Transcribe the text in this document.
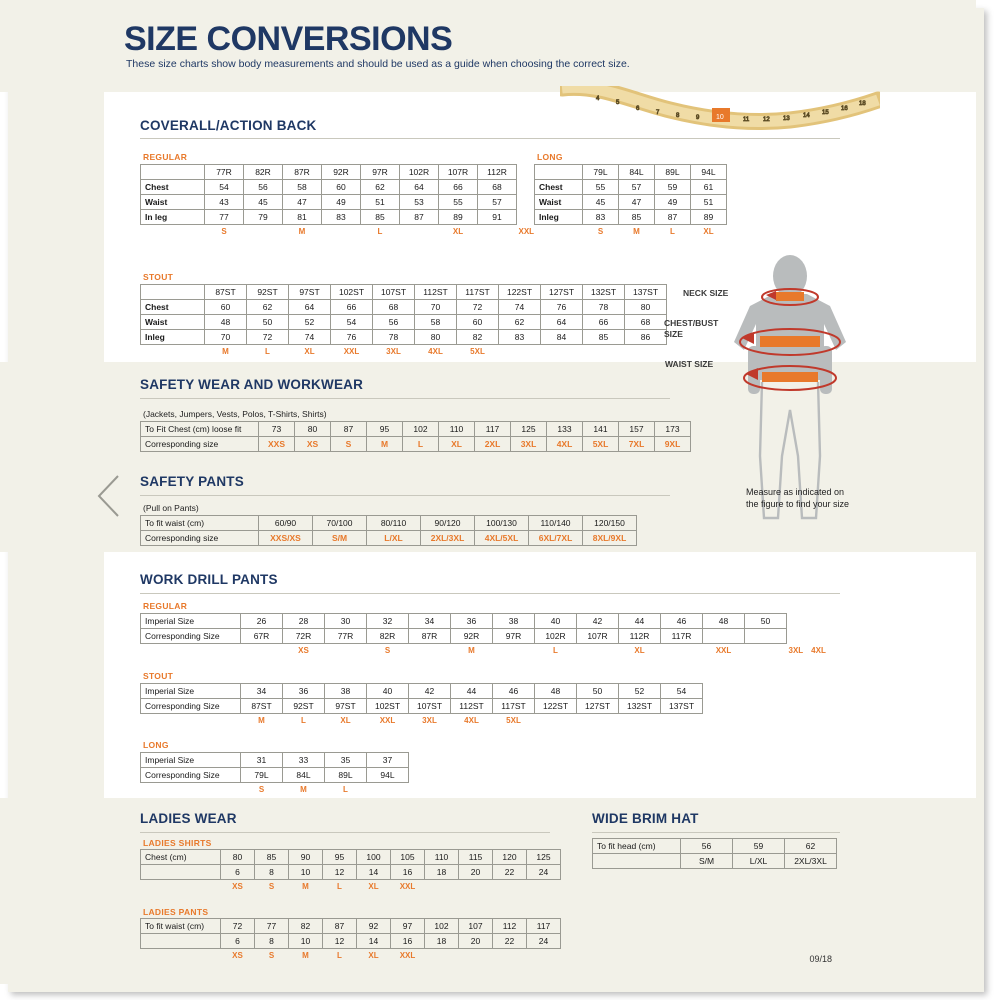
SIZE CONVERSIONS
These size charts show body measurements and should be used as a guide when choosing the correct size.
4
5
6
7	8	9	11 12 13 14 15
16
18
10
COVERALL/ACTION BACK
REGULAR
	77R	82R	87R	92R	97R	102R	107R	112R		
Chest	54	56	58	60	62	64	66	68		
Waist	43	45	47	49	51	53	55	57		
In leg	77	79	81	83	85	87	89	91		
	S		M		L		XL		XXL	
LONG
	79L	84L	89L	94L
Chest	55	57	59	61
Waist	45	47	49	51
Inleg	83	85	87	89
	S	M	L	XL
STOUT
	87ST	92ST	97ST	102ST	107ST	112ST	117ST	122ST	127ST	132ST	137ST
Chest	60	62	64	66	68	70	72	74	76	78	80
Waist	48	50	52	54	56	58	60	62	64	66	68
Inleg	70	72	74	76	78	80	82	83	84	85	86
	M	L	XL	XXL	3XL	4XL	5XL				
SAFETY WEAR AND WORKWEAR
(Jackets, Jumpers, Vests, Polos, T-Shirts, Shirts)
To Fit Chest (cm) loose fit	73	80	87	95	102	110	117	125	133	141	157	173
Corresponding size	XXS	XS	S	M	L	XL	2XL	3XL	4XL	5XL	7XL	9XL
SAFETY PANTS
(Pull on Pants)
To fit waist (cm)	60/90	70/100	80/110	90/120	100/130	110/140	120/150
Corresponding size	XXS/XS	S/M	L/XL	2XL/3XL	4XL/5XL	6XL/7XL	8XL/9XL
WORK DRILL PANTS
REGULAR
Imperial Size	26	28	30	32	34	36	38	40	42	44	46	48	50			
Corresponding Size	67R	72R	77R	82R	87R	92R	97R	102R	107R	112R	117R					
		XS		S		M		L		XL		XXL		3XL		4XL
STOUT
Imperial Size	34	36	38	40	42	44	46	48	50	52	54
Corresponding Size	87ST	92ST	97ST	102ST	107ST	112ST	117ST	122ST	127ST	132ST	137ST
	M	L	XL	XXL	3XL	4XL	5XL				
LONG
Imperial Size	31	33	35	37
Corresponding Size	79L	84L	89L	94L
	S	M	L	
LADIES WEAR
LADIES SHIRTS
Chest (cm)	80	85	90	95	100	105	110	115	120	125
	6	8	10	12	14	16	18	20	22	24
	XS	S	M	L	XL	XXL				
LADIES PANTS
To fit waist (cm)	72	77	82	87	92	97	102	107	112	117
	6	8	10	12	14	16	18	20	22	24
	XS	S	M	L	XL	XXL				
WIDE BRIM HAT
To fit head (cm)	56	59	62
	S/M	L/XL	2XL/3XL
NECK SIZE
CHEST/BUST SIZE
WAIST SIZE
Measure as indicated on the figure to find your size
09/18
